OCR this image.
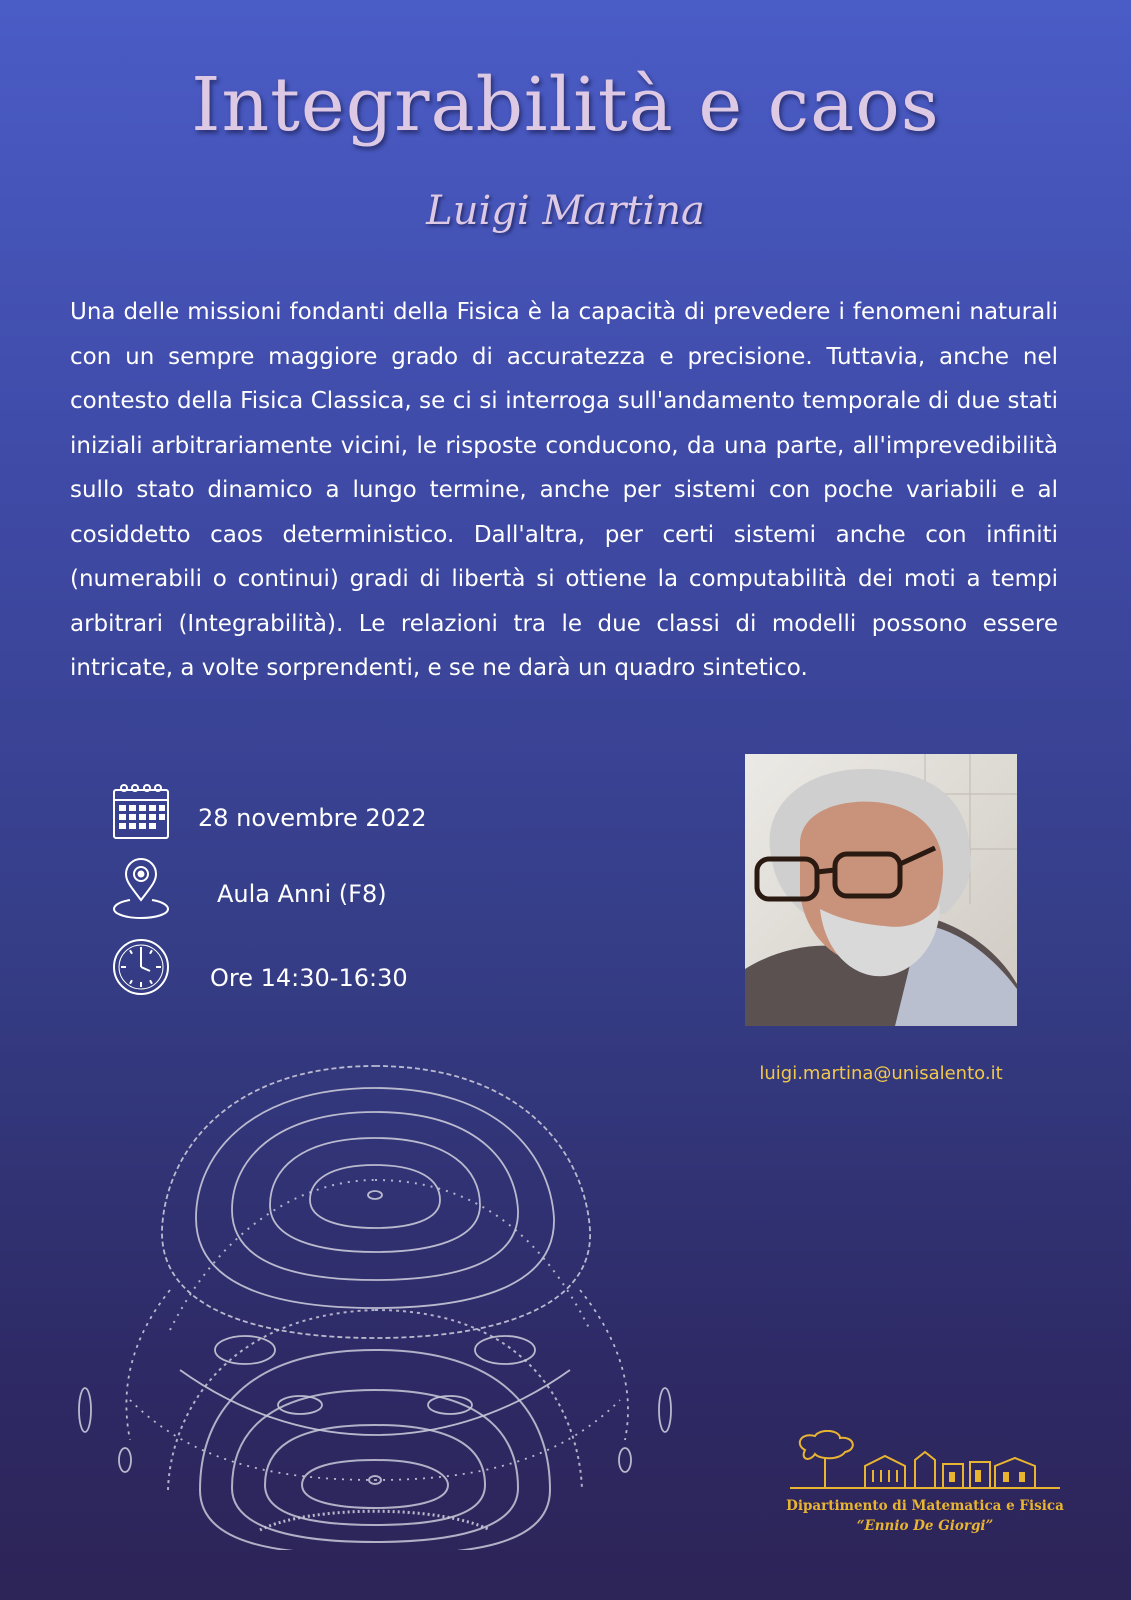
Integrabilità e caos
Luigi Martina

Una delle missioni fondanti della Fisica è la capacità di prevedere i fenomeni naturali con un sempre maggiore grado di accuratezza e precisione. Tuttavia, anche nel contesto della Fisica Classica, se ci si interroga sull'andamento temporale di due stati iniziali arbitrariamente vicini, le risposte conducono, da una parte, all'imprevedibilità sullo stato dinamico a lungo termine, anche per sistemi con poche variabili e al cosiddetto caos deterministico. Dall'altra, per certi sistemi anche con infiniti (numerabili o continui) gradi di libertà si ottiene la computabilità dei moti a tempi arbitrari (Integrabilità). Le relazioni tra le due classi di modelli possono essere intricate, a volte sorprendenti, e se ne darà un quadro sintetico.

28 novembre 2022
Aula Anni (F8)
Ore 14:30-16:30
luigi.martina@unisalento.it
Dipartimento di Matematica e Fisica
“Ennio De Giorgi”
